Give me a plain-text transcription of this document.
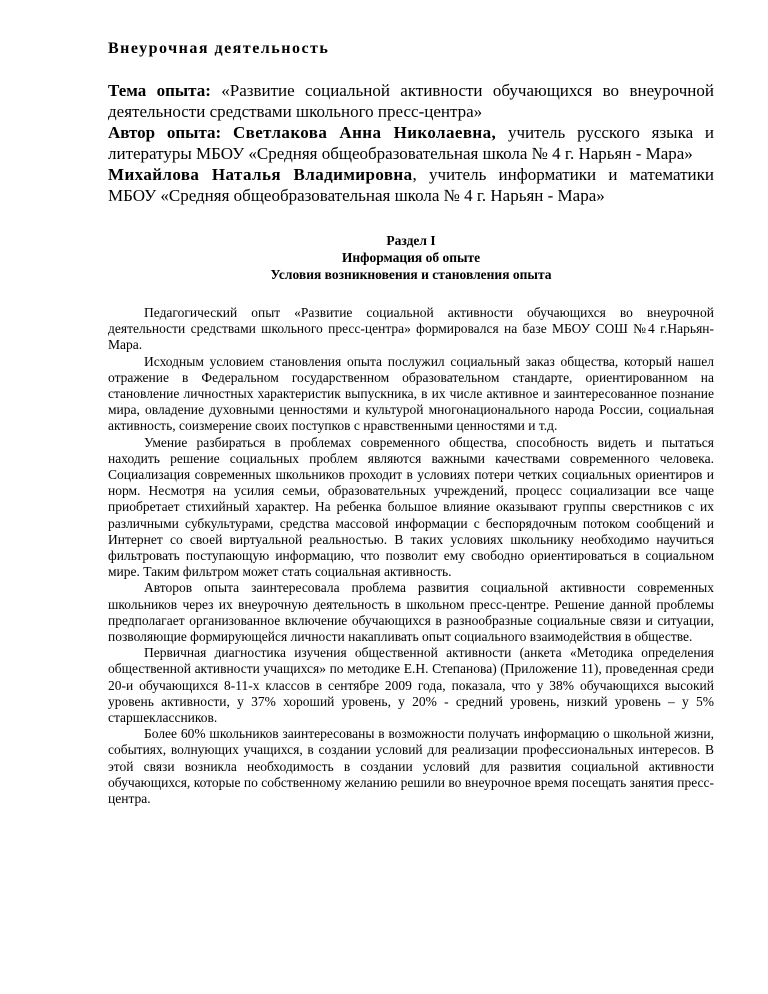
Внеурочная деятельность

Тема опыта: «Развитие социальной активности обучающихся во внеурочной деятельности средствами школьного пресс-центра»

Автор опыта: Светлакова Анна Николаевна, учитель русского языка и литературы МБОУ «Средняя общеобразовательная школа № 4 г. Нарьян - Мара»

Михайлова Наталья Владимировна, учитель информатики и математики МБОУ «Средняя общеобразовательная школа № 4 г. Нарьян - Мара»

Раздел I
Информация об опыте
Условия возникновения и становления опыта

Педагогический опыт «Развитие социальной активности обучающихся во внеурочной деятельности средствами школьного пресс-центра» формировался на базе МБОУ СОШ №4 г.Нарьян-Мара.

Исходным условием становления опыта послужил социальный заказ общества, который нашел отражение в Федеральном государственном образовательном стандарте, ориентированном на становление личностных характеристик выпускника, в их числе активное и заинтересованное познание мира, овладение духовными ценностями и культурой многонационального народа России, социальная активность, соизмерение своих поступков с нравственными ценностями и т.д.

Умение разбираться в проблемах современного общества, способность видеть и пытаться находить решение социальных проблем являются важными качествами современного человека. Социализация современных школьников проходит в условиях потери четких социальных ориентиров и норм. Несмотря на усилия семьи, образовательных учреждений, процесс социализации все чаще приобретает стихийный характер. На ребенка большое влияние оказывают группы сверстников с их различными субкультурами, средства массовой информации с беспорядочным потоком сообщений и Интернет со своей виртуальной реальностью. В таких условиях школьнику необходимо научиться фильтровать поступающую информацию, что позволит ему свободно ориентироваться в социальном мире. Таким фильтром может стать социальная активность.

Авторов опыта заинтересовала проблема развития социальной активности современных школьников через их внеурочную деятельность в школьном пресс-центре. Решение данной проблемы предполагает организованное включение обучающихся в разнообразные социальные связи и ситуации, позволяющие формирующейся личности накапливать опыт социального взаимодействия в обществе.

Первичная диагностика изучения общественной активности (анкета «Методика определения общественной активности учащихся» по методике Е.Н. Степанова) (Приложение 11), проведенная среди 20-и обучающихся 8-11-х классов в сентябре 2009 года, показала, что у 38% обучающихся высокий уровень активности, у 37% хороший уровень, у 20% - средний уровень, низкий уровень – у 5% старшеклассников.

Более 60% школьников заинтересованы в возможности получать информацию о школьной жизни, событиях, волнующих учащихся, в создании условий для реализации профессиональных интересов. В этой связи возникла необходимость в создании условий для развития социальной активности обучающихся, которые по собственному желанию решили во внеурочное время посещать занятия пресс-центра.
